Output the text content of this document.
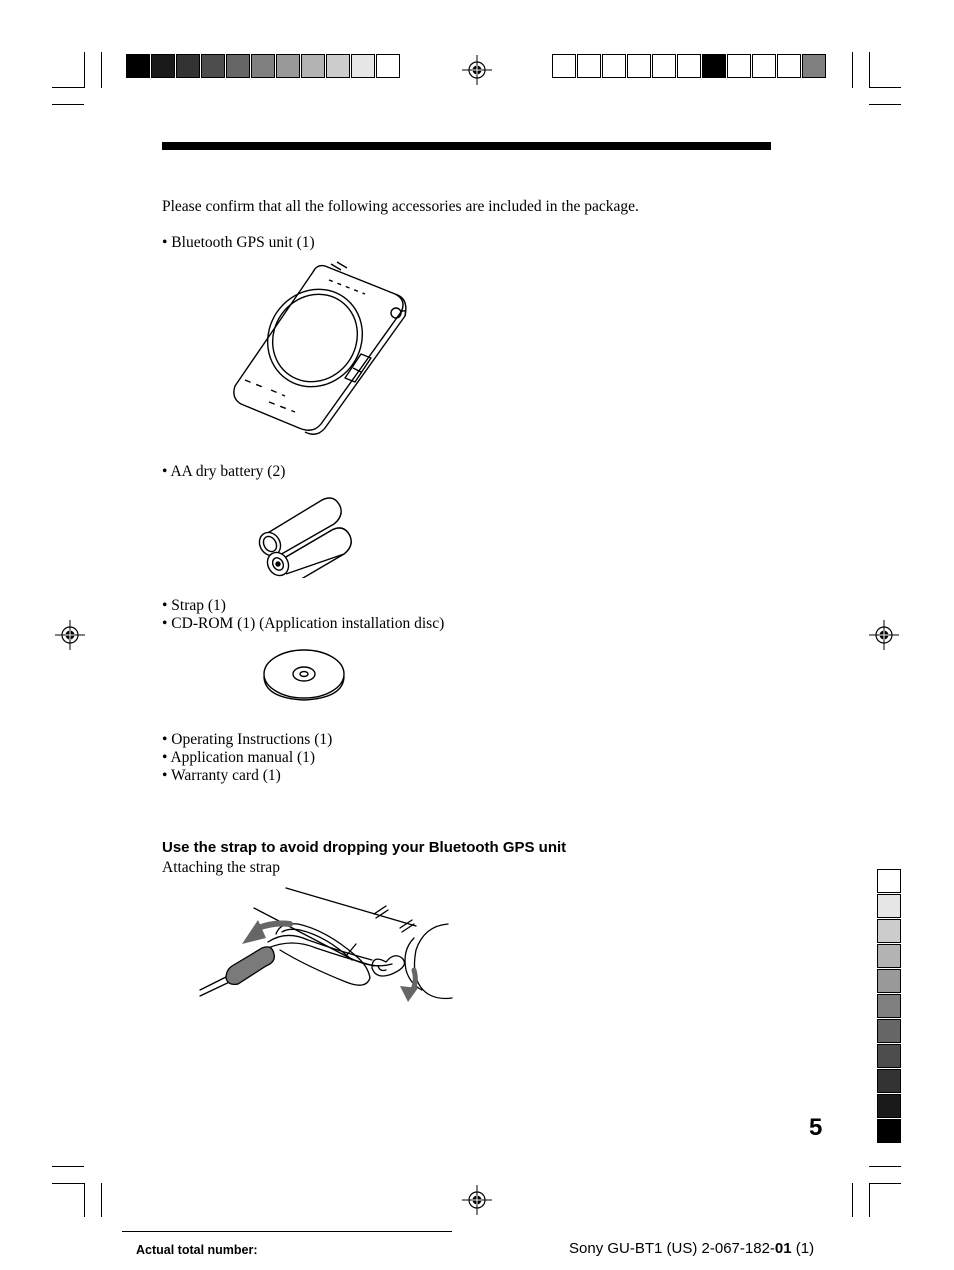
Please confirm that all the following accessories are included in the package.
• Bluetooth GPS unit (1)
• AA dry battery (2)
• Strap (1)
• CD-ROM (1) (Application installation disc)
• Operating Instructions (1)
• Application manual (1)
• Warranty card (1)
Use the strap to avoid dropping your Bluetooth GPS unit
Attaching the strap
5
Actual total number:	Sony GU-BT1 (US) 2-067-182-01 (1)
